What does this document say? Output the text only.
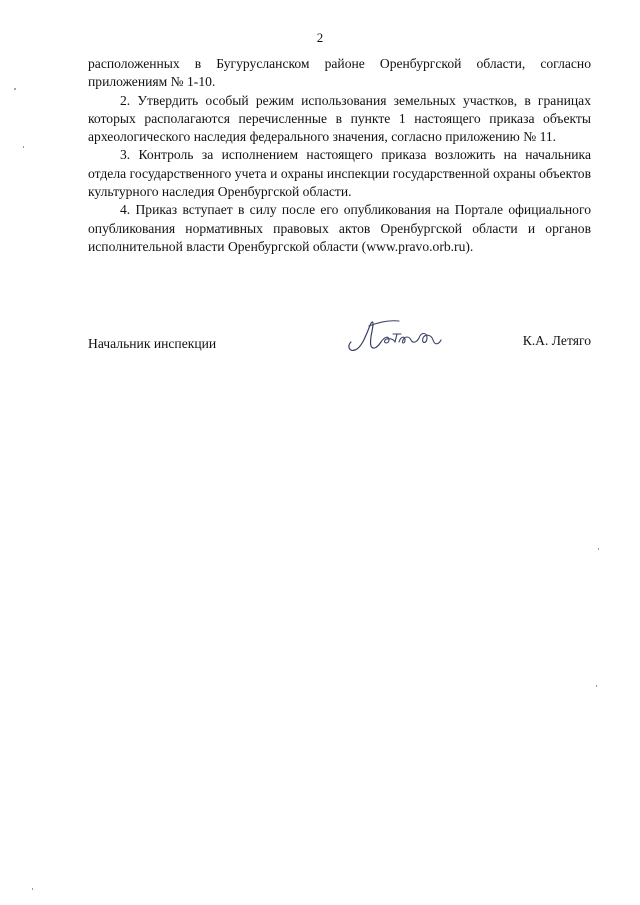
2

расположенных в Бугурусланском районе Оренбургской области, согласно приложениям № 1-10.

2. Утвердить особый режим использования земельных участков, в границах которых располагаются перечисленные в пункте 1 настоящего приказа объекты археологического наследия федерального значения, согласно приложению № 11.

3. Контроль за исполнением настоящего приказа возложить на начальника отдела государственного учета и охраны инспекции государственной охраны объектов культурного наследия Оренбургской области.

4. Приказ вступает в силу после его опубликования на Портале официального опубликования нормативных правовых актов Оренбургской области и органов исполнительной власти Оренбургской области (www.pravo.orb.ru).

Начальник инспекции	К.А. Летяго
